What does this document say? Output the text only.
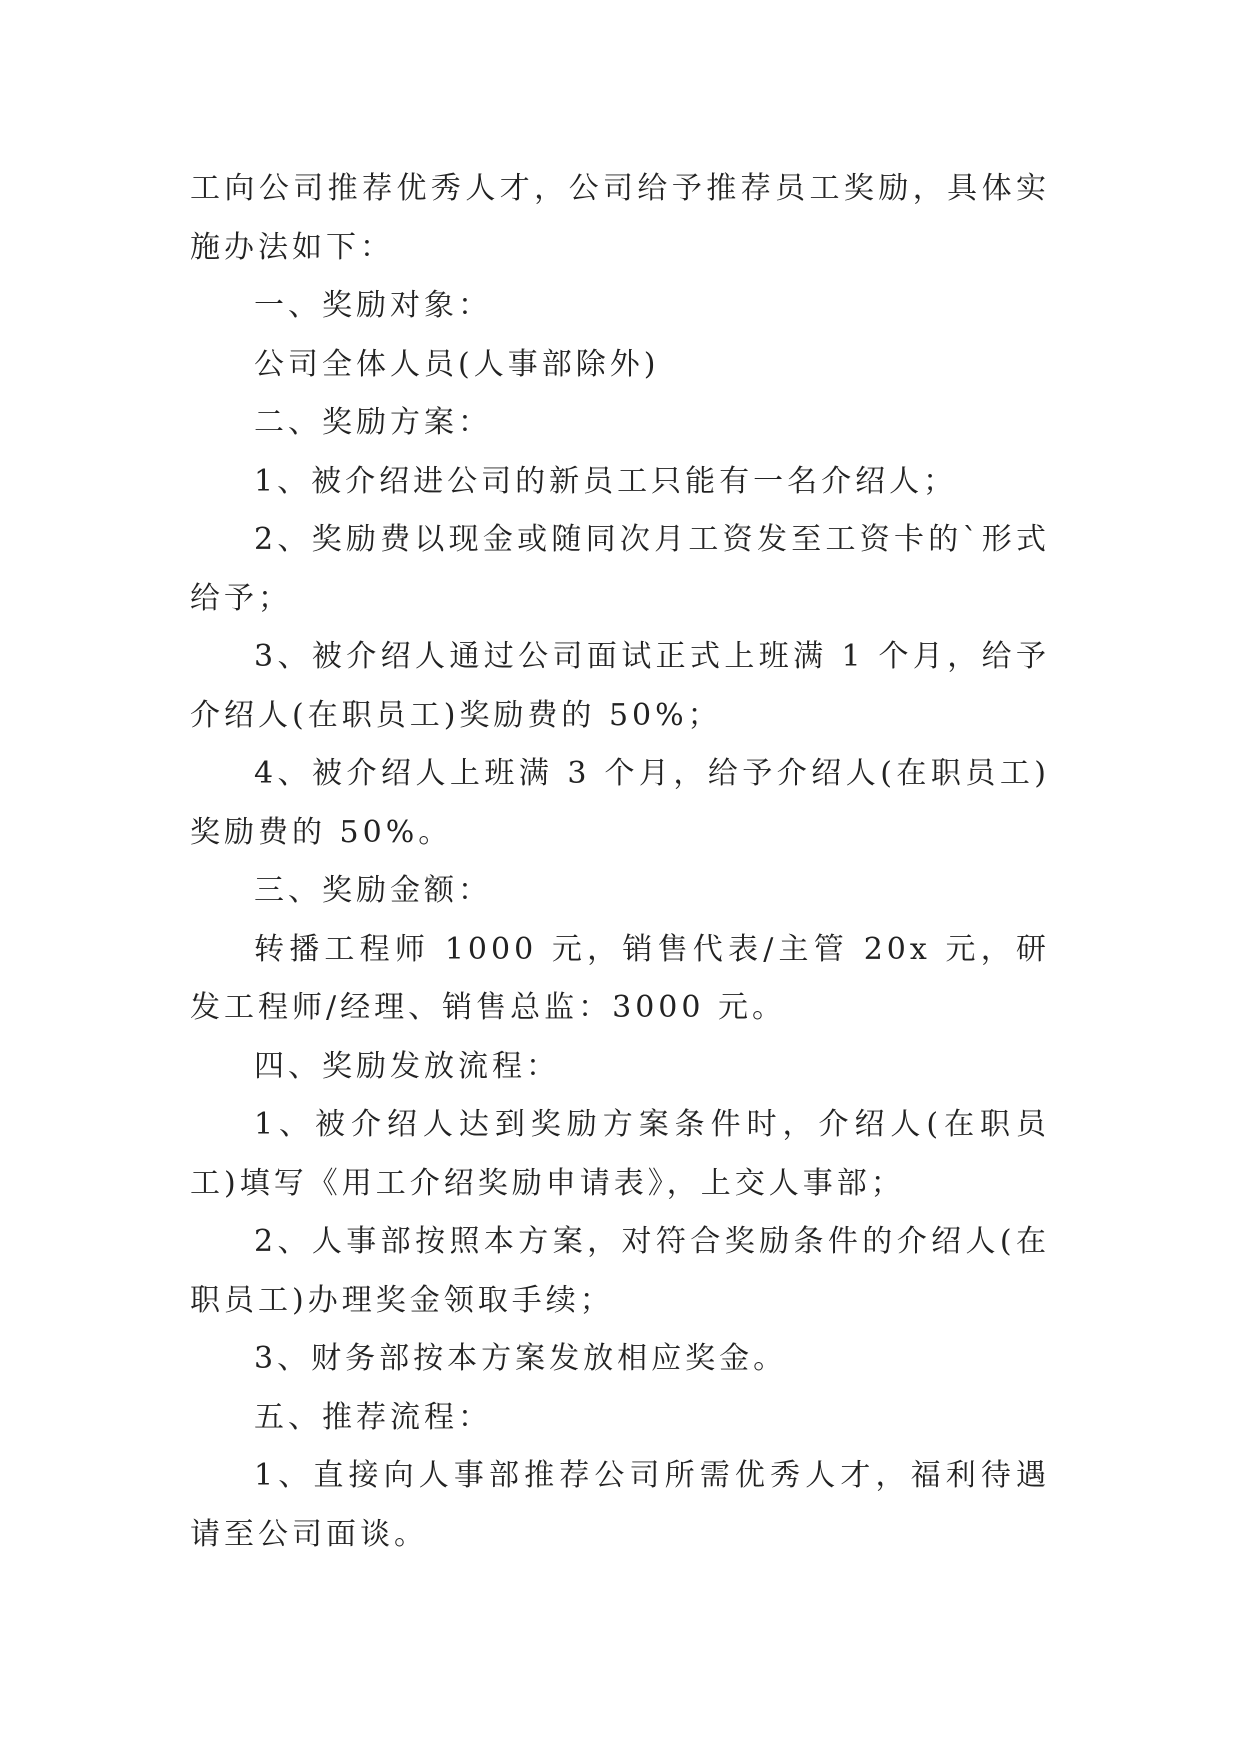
工向公司推荐优秀人才，公司给予推荐员工奖励，具体实施办法如下：

一、奖励对象：

公司全体人员(人事部除外)

二、奖励方案：

1、被介绍进公司的新员工只能有一名介绍人；

2、奖励费以现金或随同次月工资发至工资卡的`形式给予；

3、被介绍人通过公司面试正式上班满 1 个月，给予介绍人(在职员工)奖励费的 50%；

4、被介绍人上班满 3 个月，给予介绍人(在职员工)奖励费的 50%。

三、奖励金额：

转播工程师 1000 元，销售代表/主管 20x 元，研发工程师/经理、销售总监：3000 元。

四、奖励发放流程：

1、被介绍人达到奖励方案条件时，介绍人(在职员工)填写《用工介绍奖励申请表》，上交人事部；

2、人事部按照本方案，对符合奖励条件的介绍人(在职员工)办理奖金领取手续；

3、财务部按本方案发放相应奖金。

五、推荐流程：

1、直接向人事部推荐公司所需优秀人才，福利待遇请至公司面谈。
